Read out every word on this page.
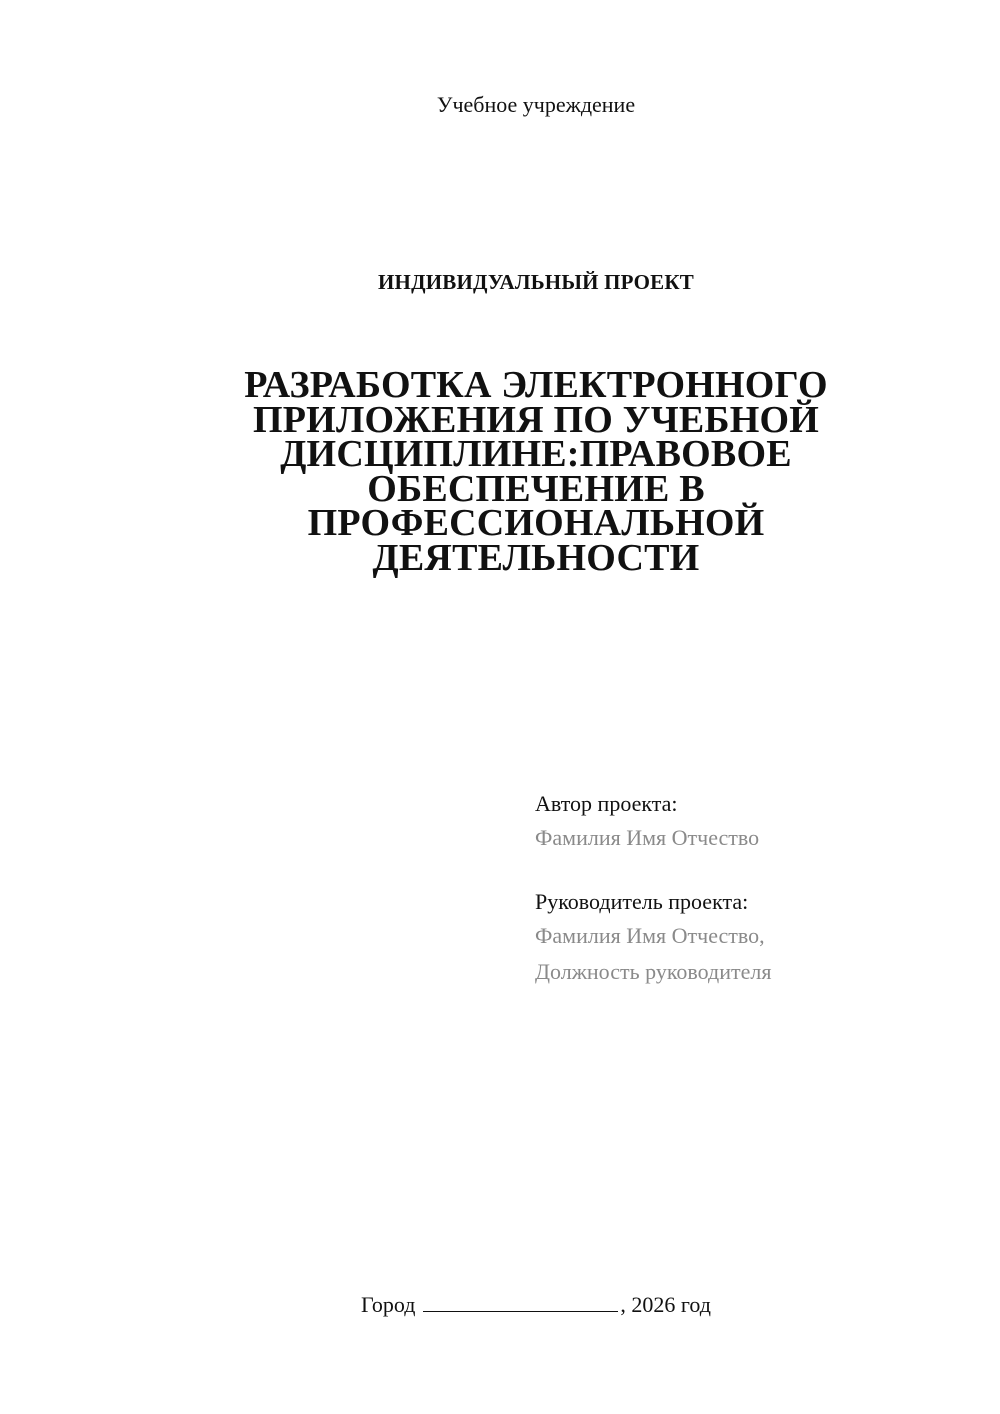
Учебное учреждение
ИНДИВИДУАЛЬНЫЙ ПРОЕКТ
РАЗРАБОТКА ЭЛЕКТРОННОГО
ПРИЛОЖЕНИЯ ПО УЧЕБНОЙ
ДИСЦИПЛИНЕ:ПРАВОВОЕ
ОБЕСПЕЧЕНИЕ В
ПРОФЕССИОНАЛЬНОЙ
ДЕЯТЕЛЬНОСТИ
Автор проекта:
Фамилия Имя Отчество
Руководитель проекта:
Фамилия Имя Отчество,
Должность руководителя
Город	, 2026 год
